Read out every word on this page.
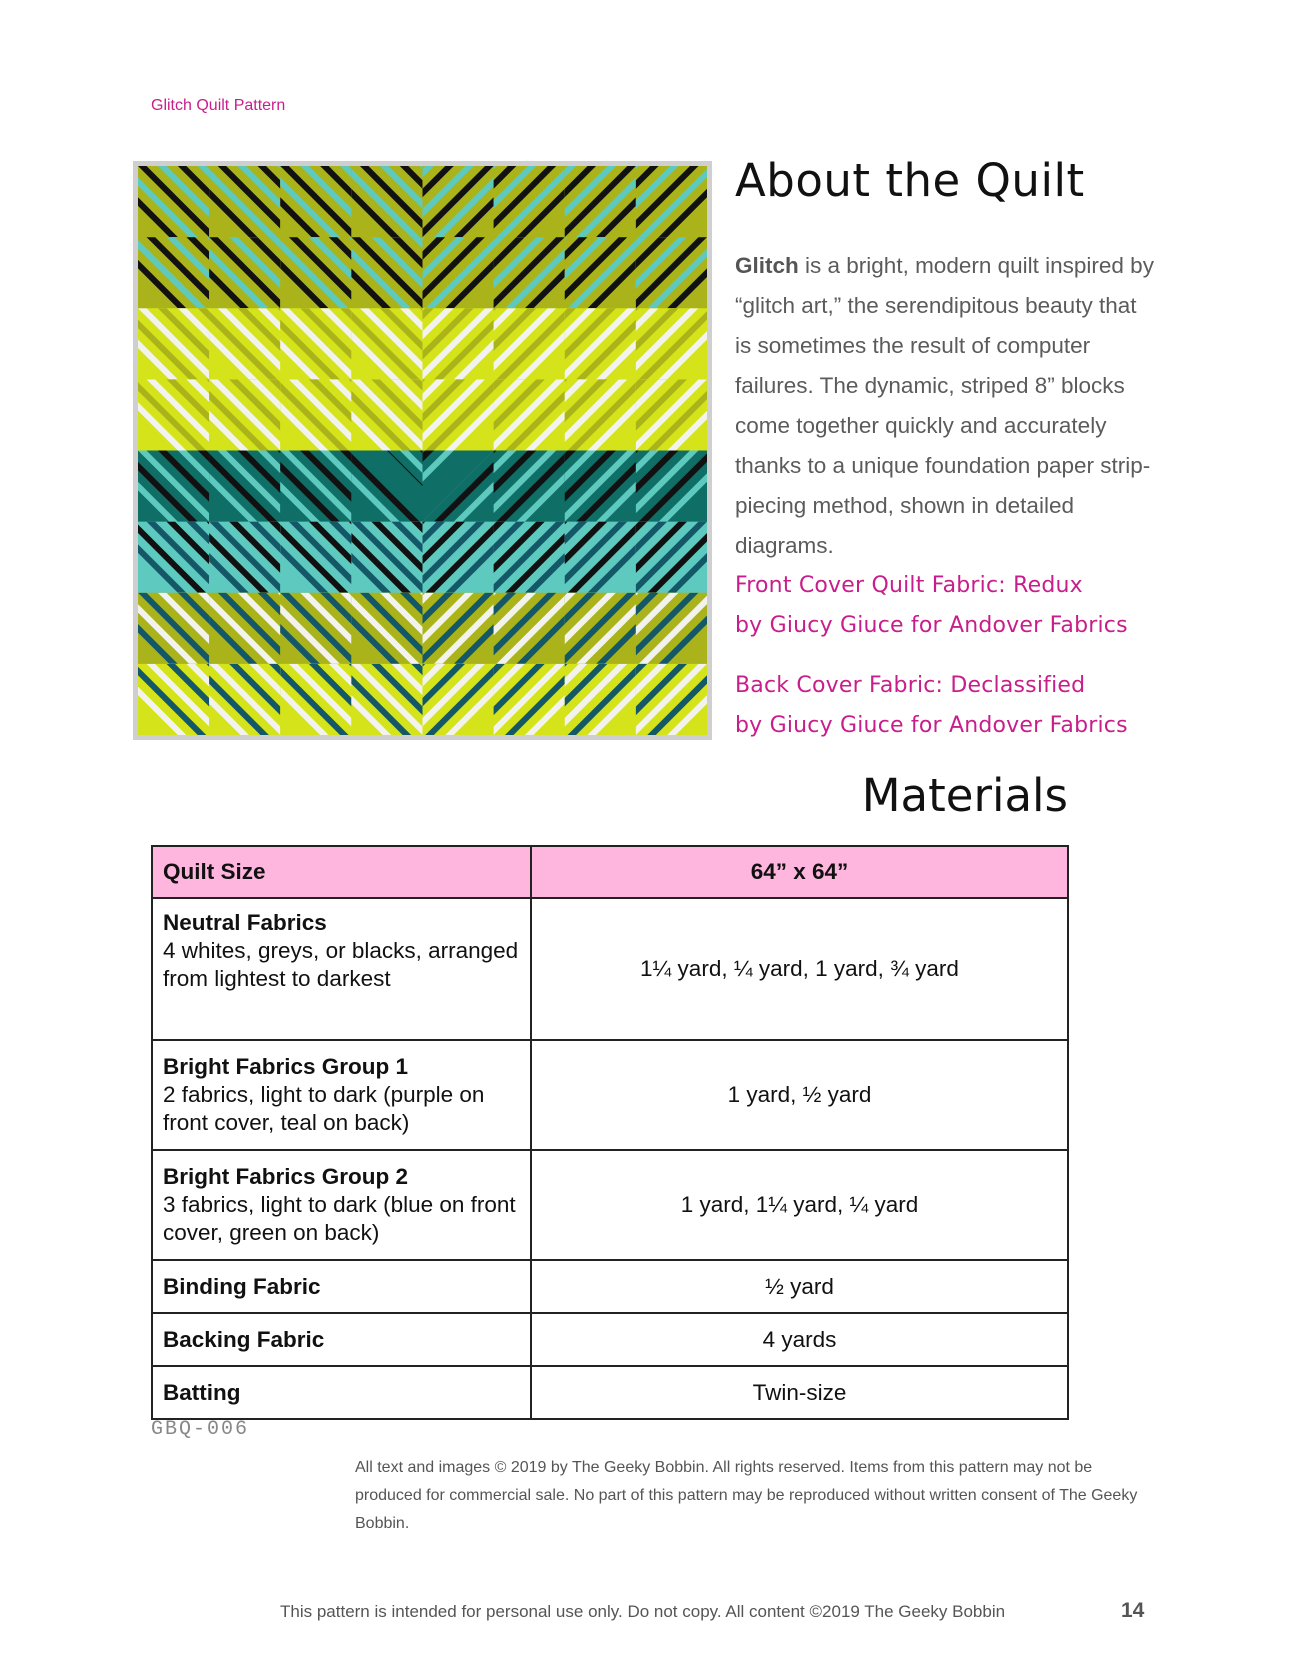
Glitch Quilt Pattern
About the Quilt
Glitch is a bright, modern quilt inspired by “glitch art,” the serendipitous beauty that is sometimes the result of computer failures. The dynamic, striped 8” blocks come together quickly and accurately thanks to a unique foundation paper strip-piecing method, shown in detailed diagrams.
Front Cover Quilt Fabric: Redux
by Giucy Giuce for Andover Fabrics
Back Cover Fabric: Declassified
by Giucy Giuce for Andover Fabrics
Materials
Quilt Size	64” x 64”

Neutral Fabrics
4 whites, greys, or blacks, arranged from lightest to darkest	1¼ yard, ¼ yard, 1 yard, ¾ yard

Bright Fabrics Group 1
2 fabrics, light to dark (purple on front cover, teal on back)	1 yard, ½ yard

Bright Fabrics Group 2
3 fabrics, light to dark (blue on front cover, green on back)	1 yard, 1¼ yard, ¼ yard
Binding Fabric	½ yard
Backing Fabric	4 yards
Batting	Twin-size
GBQ-006
All text and images © 2019 by The Geeky Bobbin. All rights reserved. Items from this pattern may not be produced for commercial sale. No part of this pattern may be reproduced without written consent of The Geeky Bobbin.
This pattern is intended for personal use only. Do not copy. All content ©2019 The Geeky Bobbin	14
